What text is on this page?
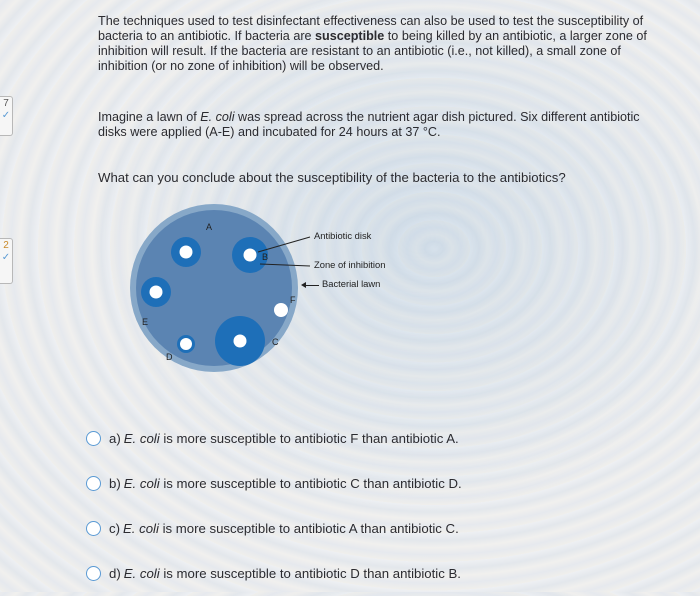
7
✓
2
✓
The techniques used to test disinfectant effectiveness can also be used to test the susceptibility of bacteria to an antibiotic. If bacteria are susceptible to being killed by an antibiotic, a larger zone of inhibition will result. If the bacteria are resistant to an antibiotic (i.e., not killed), a small zone of inhibition (or no zone of inhibition) will be observed.
Imagine a lawn of E. coli was spread across the nutrient agar dish pictured. Six different antibiotic disks were applied (A-E) and incubated for 24 hours at 37 °C.
What can you conclude about the susceptibility of the bacteria to the antibiotics?
A
B
C
D
E
F
Antibiotic disk
Zone of inhibition
Bacterial lawn
a) E. coli is more susceptible to antibiotic F than antibiotic A.
b) E. coli is more susceptible to antibiotic C than antibiotic D.
c) E. coli is more susceptible to antibiotic A than antibiotic C.
d) E. coli is more susceptible to antibiotic D than antibiotic B.
